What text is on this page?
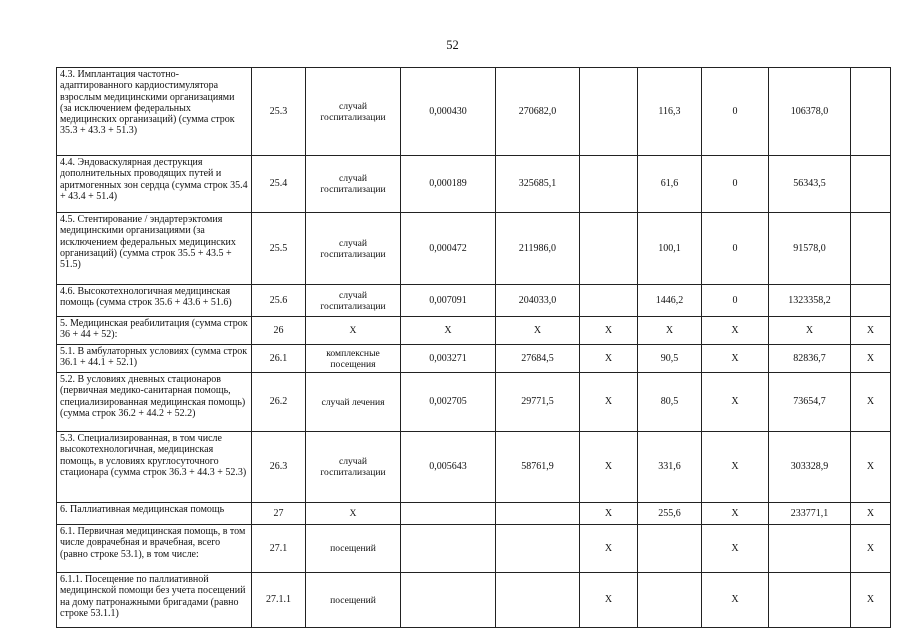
52
4.3. Имплантация частотно-адаптированного кардиостимулятора взрослым медицинскими организациями (за исключением федеральных медицинских организаций) (сумма строк 35.3 + 43.3 + 51.3)	25.3	случай госпитализации	0,000430	270682,0		116,3	0	106378,0	
4.4. Эндоваскулярная деструкция дополнительных проводящих путей и аритмогенных зон сердца (сумма строк 35.4 + 43.4 + 51.4)	25.4	случай госпитализации	0,000189	325685,1		61,6	0	56343,5	
4.5. Стентирование / эндартерэктомия медицинскими организациями (за исключением федеральных медицинских организаций) (сумма строк 35.5 + 43.5 + 51.5)	25.5	случай госпитализации	0,000472	211986,0		100,1	0	91578,0	
4.6. Высокотехнологичная медицинская помощь (сумма строк 35.6 + 43.6 + 51.6)	25.6	случай госпитализации	0,007091	204033,0		1446,2	0	1323358,2	
5. Медицинская реабилитация (сумма строк 36 + 44 + 52):	26	Х	Х	Х	Х	Х	Х	Х	Х
5.1. В амбулаторных условиях (сумма строк 36.1 + 44.1 + 52.1)	26.1	комплексные посещения	0,003271	27684,5	Х	90,5	Х	82836,7	Х
5.2. В условиях дневных стационаров (первичная медико-санитарная помощь, специализированная медицинская помощь) (сумма строк 36.2 + 44.2 + 52.2)	26.2	случай лечения	0,002705	29771,5	Х	80,5	Х	73654,7	Х
5.3. Специализированная, в том числе высокотехнологичная, медицинская помощь, в условиях круглосуточного стационара (сумма строк 36.3 + 44.3 + 52.3)	26.3	случай госпитализации	0,005643	58761,9	Х	331,6	Х	303328,9	Х
6. Паллиативная медицинская помощь	27	Х			Х	255,6	Х	233771,1	Х
6.1. Первичная медицинская помощь, в том числе доврачебная и врачебная, всего (равно строке 53.1), в том числе:	27.1	посещений			Х		Х		Х
6.1.1. Посещение по паллиативной медицинской помощи без учета посещений на дому патронажными бригадами (равно строке 53.1.1)	27.1.1	посещений			Х		Х		Х
